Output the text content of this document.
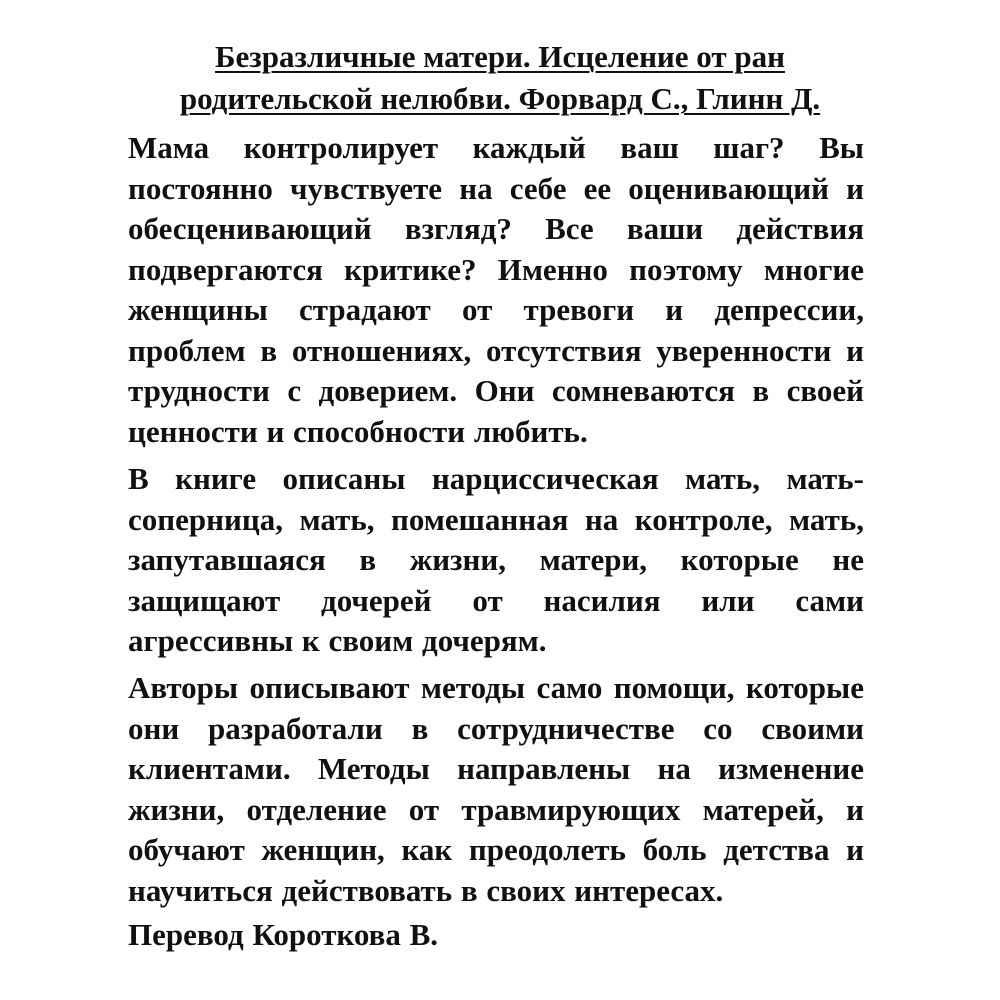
Безразличные матери. Исцеление от ран родительской нелюбви. Форвард С., Глинн Д.

Мама контролирует каждый ваш шаг? Вы постоянно чувствуете на себе ее оценивающий и обесценивающий взгляд? Все ваши действия подвергаются критике? Именно поэтому многие женщины страдают от тревоги и депрессии, проблем в отношениях, отсутствия уверенности и трудности с доверием. Они сомневаются в своей ценности и способности любить.

В книге описаны нарциссическая мать, мать-соперница, мать, помешанная на контроле, мать, запутавшаяся в жизни, матери, которые не защищают дочерей от насилия или сами агрессивны к своим дочерям.

Авторы описывают методы само помощи, которые они разработали в сотрудничестве со своими клиентами. Методы направлены на изменение жизни, отделение от травмирующих матерей, и обучают женщин, как преодолеть боль детства и научиться действовать в своих интересах.

Перевод Короткова В.
